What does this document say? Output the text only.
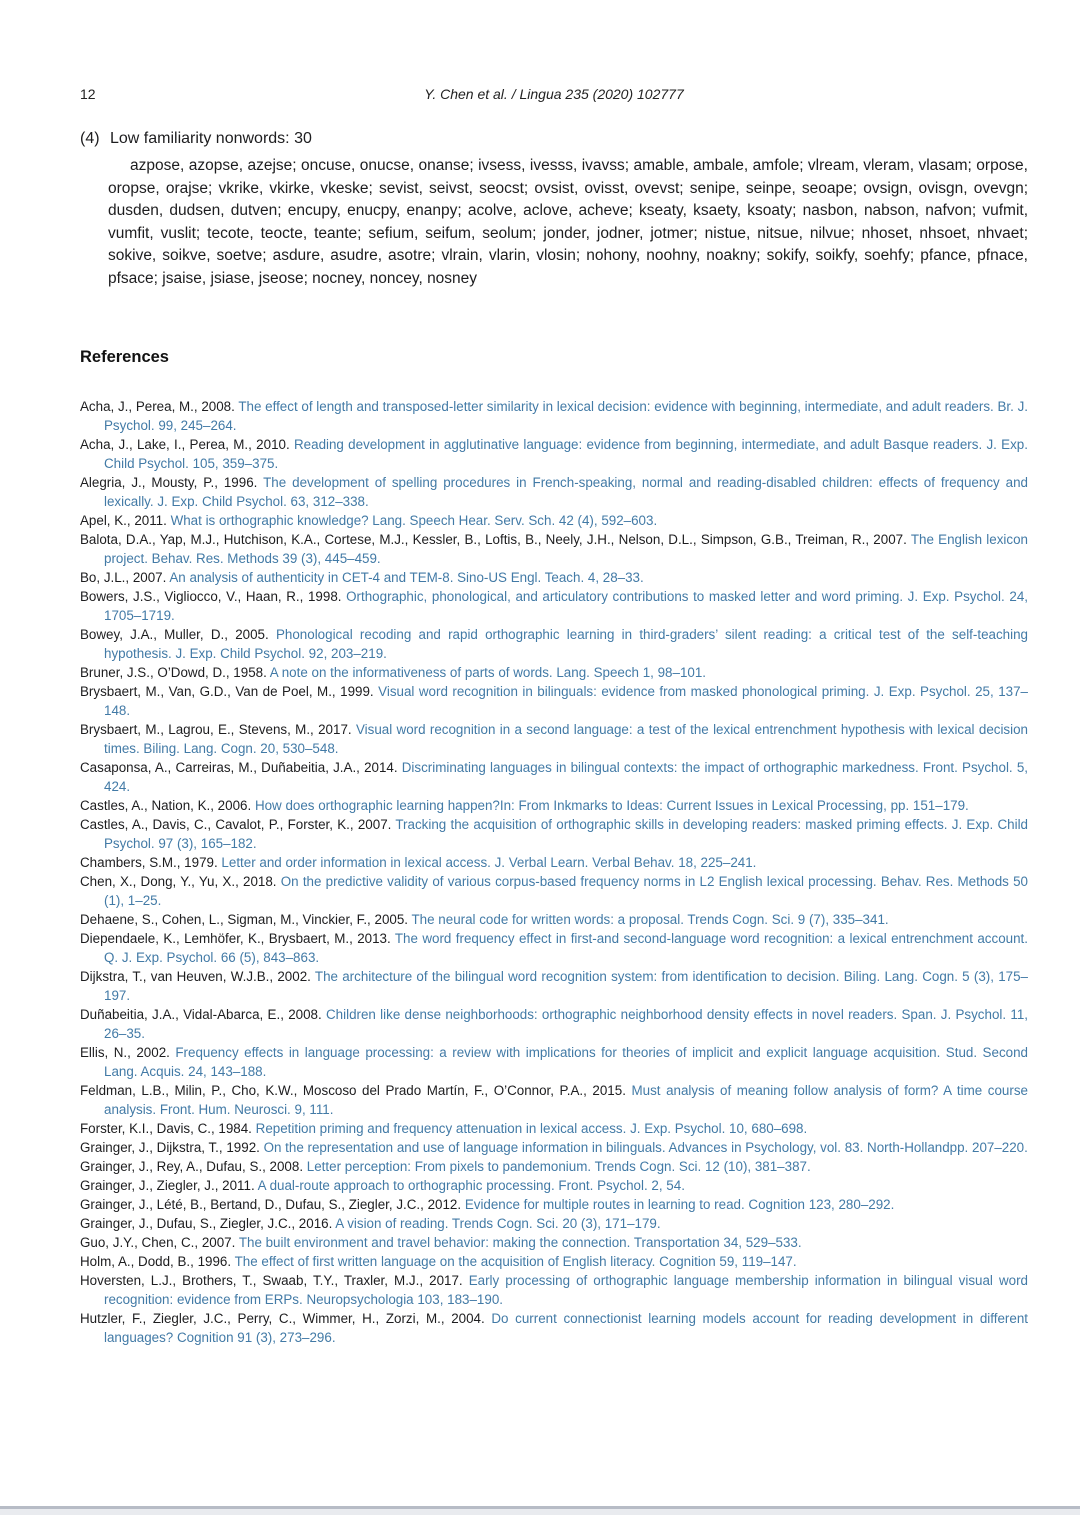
12	Y. Chen et al. / Lingua 235 (2020) 102777

(4) Low familiarity nonwords: 30

azpose, azopse, azejse; oncuse, onucse, onanse; ivsess, ivesss, ivavss; amable, ambale, amfole; vlream, vleram, vlasam; orpose, oropse, orajse; vkrike, vkirke, vkeske; sevist, seivst, seocst; ovsist, ovisst, ovevst; senipe, seinpe, seoape; ovsign, ovisgn, ovevgn; dusden, dudsen, dutven; encupy, enucpy, enanpy; acolve, aclove, acheve; kseaty, ksaety, ksoaty; nasbon, nabson, nafvon; vufmit, vumfit, vuslit; tecote, teocte, teante; sefium, seifum, seolum; jonder, jodner, jotmer; nistue, nitsue, nilvue; nhoset, nhsoet, nhvaet; sokive, soikve, soetve; asdure, asudre, asotre; vlrain, vlarin, vlosin; nohony, noohny, noakny; sokify, soikfy, soehfy; pfance, pfnace, pfsace; jsaise, jsiase, jseose; nocney, noncey, nosney

References

Acha, J., Perea, M., 2008. The effect of length and transposed-letter similarity in lexical decision: evidence with beginning, intermediate, and adult readers. Br. J. Psychol. 99, 245–264.

Acha, J., Lake, I., Perea, M., 2010. Reading development in agglutinative language: evidence from beginning, intermediate, and adult Basque readers. J. Exp. Child Psychol. 105, 359–375.

Alegria, J., Mousty, P., 1996. The development of spelling procedures in French-speaking, normal and reading-disabled children: effects of frequency and lexically. J. Exp. Child Psychol. 63, 312–338.

Apel, K., 2011. What is orthographic knowledge? Lang. Speech Hear. Serv. Sch. 42 (4), 592–603.

Balota, D.A., Yap, M.J., Hutchison, K.A., Cortese, M.J., Kessler, B., Loftis, B., Neely, J.H., Nelson, D.L., Simpson, G.B., Treiman, R., 2007. The English lexicon project. Behav. Res. Methods 39 (3), 445–459.

Bo, J.L., 2007. An analysis of authenticity in CET-4 and TEM-8. Sino-US Engl. Teach. 4, 28–33.

Bowers, J.S., Vigliocco, V., Haan, R., 1998. Orthographic, phonological, and articulatory contributions to masked letter and word priming. J. Exp. Psychol. 24, 1705–1719.

Bowey, J.A., Muller, D., 2005. Phonological recoding and rapid orthographic learning in third-graders’ silent reading: a critical test of the self-teaching hypothesis. J. Exp. Child Psychol. 92, 203–219.

Bruner, J.S., O’Dowd, D., 1958. A note on the informativeness of parts of words. Lang. Speech 1, 98–101.

Brysbaert, M., Van, G.D., Van de Poel, M., 1999. Visual word recognition in bilinguals: evidence from masked phonological priming. J. Exp. Psychol. 25, 137–148.

Brysbaert, M., Lagrou, E., Stevens, M., 2017. Visual word recognition in a second language: a test of the lexical entrenchment hypothesis with lexical decision times. Biling. Lang. Cogn. 20, 530–548.

Casaponsa, A., Carreiras, M., Duñabeitia, J.A., 2014. Discriminating languages in bilingual contexts: the impact of orthographic markedness. Front. Psychol. 5, 424.

Castles, A., Nation, K., 2006. How does orthographic learning happen?In: From Inkmarks to Ideas: Current Issues in Lexical Processing, pp. 151–179.

Castles, A., Davis, C., Cavalot, P., Forster, K., 2007. Tracking the acquisition of orthographic skills in developing readers: masked priming effects. J. Exp. Child Psychol. 97 (3), 165–182.

Chambers, S.M., 1979. Letter and order information in lexical access. J. Verbal Learn. Verbal Behav. 18, 225–241.

Chen, X., Dong, Y., Yu, X., 2018. On the predictive validity of various corpus-based frequency norms in L2 English lexical processing. Behav. Res. Methods 50 (1), 1–25.

Dehaene, S., Cohen, L., Sigman, M., Vinckier, F., 2005. The neural code for written words: a proposal. Trends Cogn. Sci. 9 (7), 335–341.

Diependaele, K., Lemhöfer, K., Brysbaert, M., 2013. The word frequency effect in first-and second-language word recognition: a lexical entrenchment account. Q. J. Exp. Psychol. 66 (5), 843–863.

Dijkstra, T., van Heuven, W.J.B., 2002. The architecture of the bilingual word recognition system: from identification to decision. Biling. Lang. Cogn. 5 (3), 175–197.

Duñabeitia, J.A., Vidal-Abarca, E., 2008. Children like dense neighborhoods: orthographic neighborhood density effects in novel readers. Span. J. Psychol. 11, 26–35.

Ellis, N., 2002. Frequency effects in language processing: a review with implications for theories of implicit and explicit language acquisition. Stud. Second Lang. Acquis. 24, 143–188.

Feldman, L.B., Milin, P., Cho, K.W., Moscoso del Prado Martín, F., O’Connor, P.A., 2015. Must analysis of meaning follow analysis of form? A time course analysis. Front. Hum. Neurosci. 9, 111.

Forster, K.I., Davis, C., 1984. Repetition priming and frequency attenuation in lexical access. J. Exp. Psychol. 10, 680–698.

Grainger, J., Dijkstra, T., 1992. On the representation and use of language information in bilinguals. Advances in Psychology, vol. 83. North-Hollandpp. 207–220.

Grainger, J., Rey, A., Dufau, S., 2008. Letter perception: From pixels to pandemonium. Trends Cogn. Sci. 12 (10), 381–387.

Grainger, J., Ziegler, J., 2011. A dual-route approach to orthographic processing. Front. Psychol. 2, 54.

Grainger, J., Lété, B., Bertand, D., Dufau, S., Ziegler, J.C., 2012. Evidence for multiple routes in learning to read. Cognition 123, 280–292.

Grainger, J., Dufau, S., Ziegler, J.C., 2016. A vision of reading. Trends Cogn. Sci. 20 (3), 171–179.

Guo, J.Y., Chen, C., 2007. The built environment and travel behavior: making the connection. Transportation 34, 529–533.

Holm, A., Dodd, B., 1996. The effect of first written language on the acquisition of English literacy. Cognition 59, 119–147.

Hoversten, L.J., Brothers, T., Swaab, T.Y., Traxler, M.J., 2017. Early processing of orthographic language membership information in bilingual visual word recognition: evidence from ERPs. Neuropsychologia 103, 183–190.

Hutzler, F., Ziegler, J.C., Perry, C., Wimmer, H., Zorzi, M., 2004. Do current connectionist learning models account for reading development in different languages? Cognition 91 (3), 273–296.
